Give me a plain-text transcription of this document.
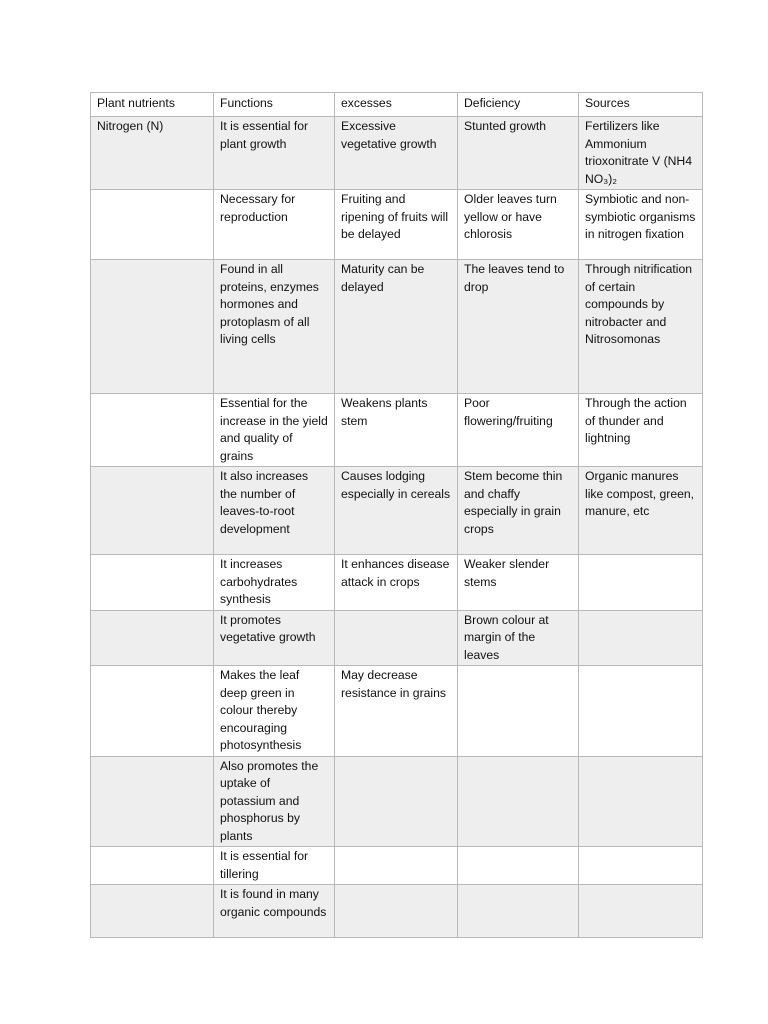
Plant nutrients	Functions	excesses	Deficiency	Sources
Nitrogen (N)	It is essential for plant growth	Excessive vegetative growth	Stunted growth	Fertilizers like Ammonium trioxonitrate V (NH4 NO₃)₂
	Necessary for reproduction	Fruiting and ripening of fruits will be delayed	Older leaves turn yellow or have chlorosis	Symbiotic and non-symbiotic organisms in nitrogen fixation
	Found in all proteins, enzymes hormones and protoplasm of all living cells	Maturity can be delayed	The leaves tend to drop	Through nitrification of certain compounds by nitrobacter and Nitrosomonas
	Essential for the increase in the yield and quality of grains	Weakens plants stem	Poor flowering/fruiting	Through the action of thunder and lightning
	It also increases the number of leaves-to-root development	Causes lodging especially in cereals	Stem become thin and chaffy especially in grain crops	Organic manures like compost, green, manure, etc
	It increases carbohydrates synthesis	It enhances disease attack in crops	Weaker slender stems	
	It promotes vegetative growth		Brown colour at margin of the leaves	
	Makes the leaf deep green in colour thereby encouraging photosynthesis	May decrease resistance in grains		
	Also promotes the uptake of potassium and phosphorus by plants			
	It is essential for tillering			
	It is found in many organic compounds			
